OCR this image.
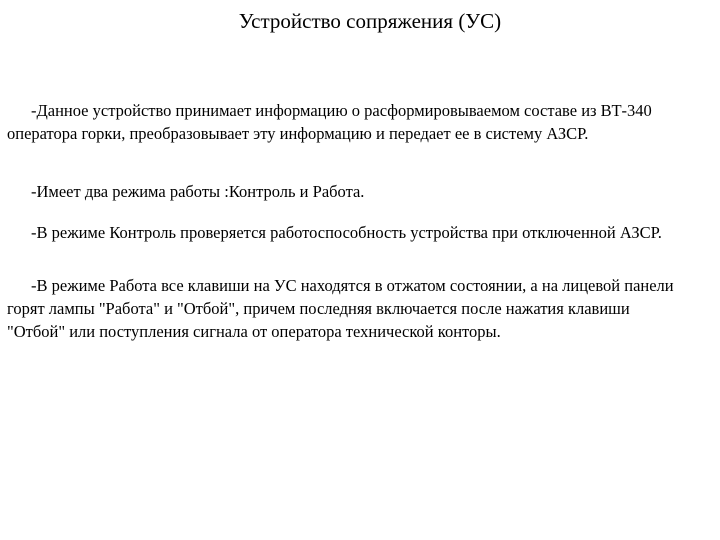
Устройство сопряжения (УС)

-Данное устройство принимает информацию о расформировываемом составе из ВТ-340 оператора горки, преобразовывает эту информацию и передает ее в систему АЗСР.

-Имеет два режима работы :Контроль и Работа.

-В режиме Контроль проверяется работоспособность устройства при отключенной АЗСР.

-В режиме Работа все клавиши на УС находятся в отжатом состоянии, а на лицевой панели горят лампы "Работа" и "Отбой", причем последняя включается после нажатия клавиши "Отбой" или поступления сигнала от оператора технической конторы.
